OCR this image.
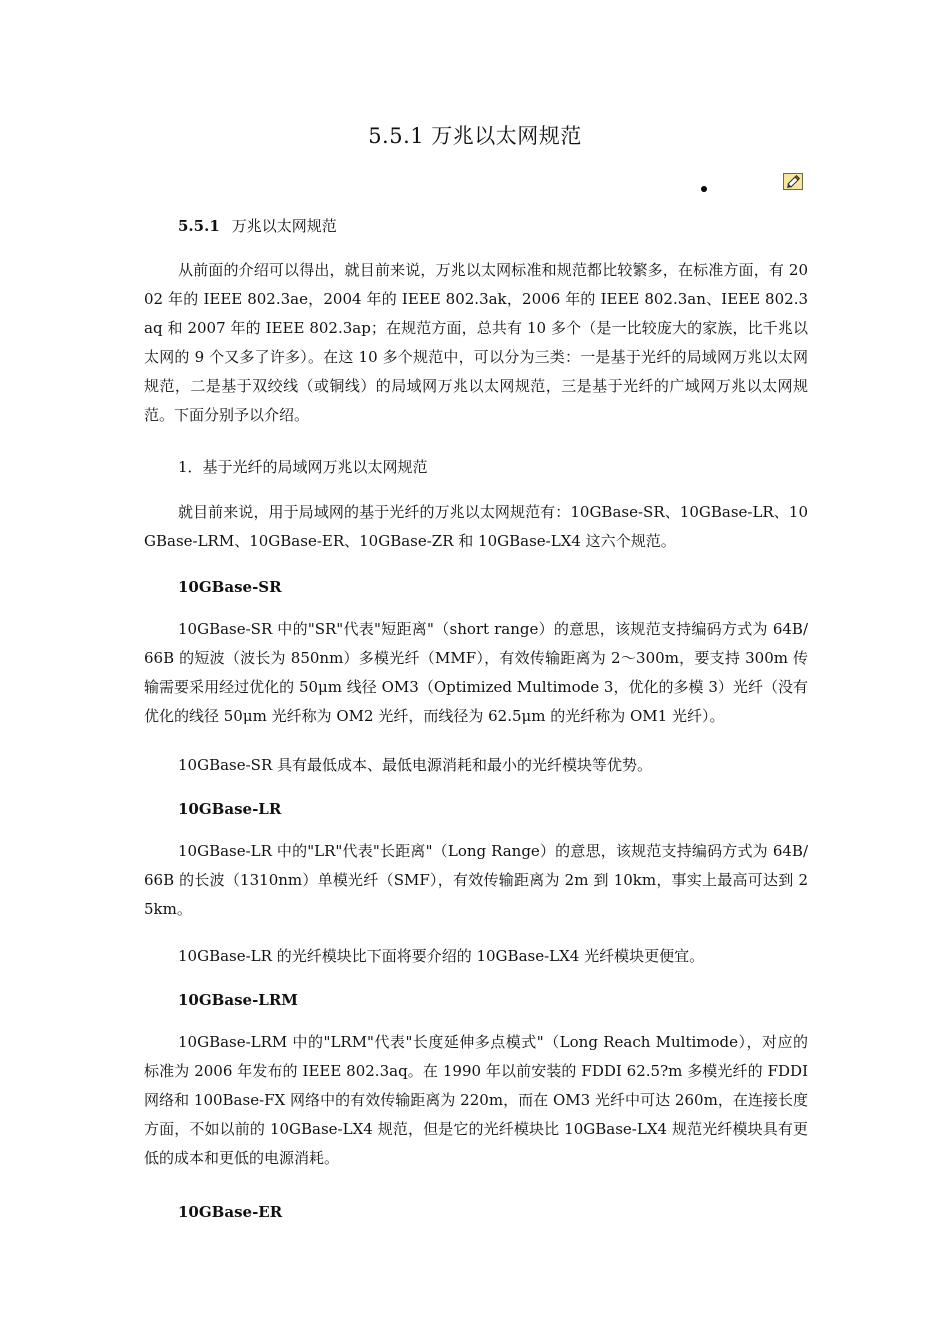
5.5.1 万兆以太网规范
5.5.1 万兆以太网规范
从前面的介绍可以得出，就目前来说，万兆以太网标准和规范都比较繁多，在标准方面，有 2002 年的 IEEE 802.3ae，2004 年的 IEEE 802.3ak，2006 年的 IEEE 802.3an、IEEE 802.3aq 和 2007 年的 IEEE 802.3ap；在规范方面，总共有 10 多个（是一比较庞大的家族，比千兆以太网的 9 个又多了许多）。在这 10 多个规范中，可以分为三类：一是基于光纤的局域网万兆以太网规范，二是基于双绞线（或铜线）的局域网万兆以太网规范，三是基于光纤的广域网万兆以太网规范。下面分别予以介绍。
1．基于光纤的局域网万兆以太网规范
就目前来说，用于局域网的基于光纤的万兆以太网规范有：10GBase-SR、10GBase-LR、10GBase-LRM、10GBase-ER、10GBase-ZR 和 10GBase-LX4 这六个规范。
10GBase-SR
10GBase-SR 中的"SR"代表"短距离"（short range）的意思，该规范支持编码方式为 64B/66B 的短波（波长为 850nm）多模光纤（MMF），有效传输距离为 2～300m，要支持 300m 传输需要采用经过优化的 50μm 线径 OM3（Optimized Multimode 3，优化的多模 3）光纤（没有优化的线径 50μm 光纤称为 OM2 光纤，而线径为 62.5μm 的光纤称为 OM1 光纤）。
10GBase-SR 具有最低成本、最低电源消耗和最小的光纤模块等优势。
10GBase-LR
10GBase-LR 中的"LR"代表"长距离"（Long Range）的意思，该规范支持编码方式为 64B/66B 的长波（1310nm）单模光纤（SMF），有效传输距离为 2m 到 10km，事实上最高可达到 25km。
10GBase-LR 的光纤模块比下面将要介绍的 10GBase-LX4 光纤模块更便宜。
10GBase-LRM
10GBase-LRM 中的"LRM"代表"长度延伸多点模式"（Long Reach Multimode），对应的标准为 2006 年发布的 IEEE 802.3aq。在 1990 年以前安装的 FDDI 62.5?m 多模光纤的 FDDI 网络和 100Base-FX 网络中的有效传输距离为 220m，而在 OM3 光纤中可达 260m，在连接长度方面，不如以前的 10GBase-LX4 规范，但是它的光纤模块比 10GBase-LX4 规范光纤模块具有更低的成本和更低的电源消耗。
10GBase-ER
